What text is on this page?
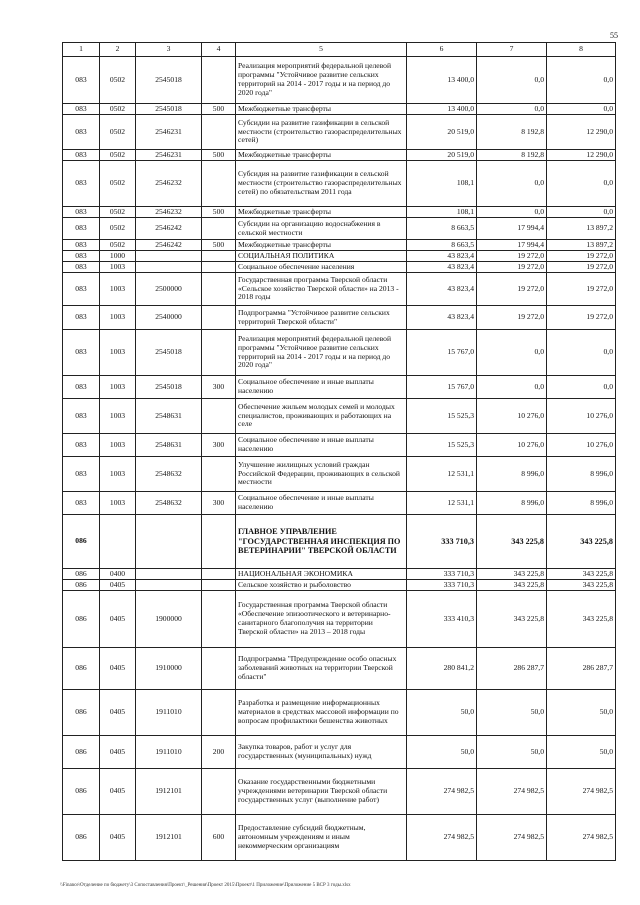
55
1	2	3	4	5	6	7	8
083	0502	2545018		Реализация мероприятий федеральной целевой программы "Устойчивое развитие сельских территорий на 2014 - 2017 годы и на период до 2020 года"	13 400,0	0,0	0,0
083	0502	2545018	500	Межбюджетные трансферты	13 400,0	0,0	0,0
083	0502	2546231		Субсидии на развитие газификации в сельской местности (строительство газораспределительных сетей)	20 519,0	8 192,8	12 290,0
083	0502	2546231	500	Межбюджетные трансферты	20 519,0	8 192,8	12 290,0
083	0502	2546232		Субсидия на развитие газификации в сельской местности (строительство газораспределительных сетей) по обязательствам 2011 года	108,1	0,0	0,0
083	0502	2546232	500	Межбюджетные трансферты	108,1	0,0	0,0
083	0502	2546242		Субсидии на организацию водоснабжения в сельской местности	8 663,5	17 994,4	13 897,2
083	0502	2546242	500	Межбюджетные трансферты	8 663,5	17 994,4	13 897,2
083	1000			СОЦИАЛЬНАЯ ПОЛИТИКА	43 823,4	19 272,0	19 272,0
083	1003			Социальное обеспечение населения	43 823,4	19 272,0	19 272,0
083	1003	2500000		Государственная программа Тверской области «Сельское хозяйство Тверской области» на 2013 - 2018 годы	43 823,4	19 272,0	19 272,0
083	1003	2540000		Подпрограмма "Устойчивое развитие сельских территорий Тверской области"	43 823,4	19 272,0	19 272,0
083	1003	2545018		Реализация мероприятий федеральной целевой программы "Устойчивое развитие сельских территорий на 2014 - 2017 годы и на период до 2020 года"	15 767,0	0,0	0,0
083	1003	2545018	300	Социальное обеспечение и иные выплаты населению	15 767,0	0,0	0,0
083	1003	2548631		Обеспечение жильем молодых семей и молодых специалистов, проживающих и работающих на селе	15 525,3	10 276,0	10 276,0
083	1003	2548631	300	Социальное обеспечение и иные выплаты населению	15 525,3	10 276,0	10 276,0
083	1003	2548632		Улучшение жилищных условий граждан Российской Федерации, проживающих в сельской местности	12 531,1	8 996,0	8 996,0
083	1003	2548632	300	Социальное обеспечение и иные выплаты населению	12 531,1	8 996,0	8 996,0
086				ГЛАВНОЕ УПРАВЛЕНИЕ "ГОСУДАРСТВЕННАЯ ИНСПЕКЦИЯ ПО ВЕТЕРИНАРИИ" ТВЕРСКОЙ ОБЛАСТИ	333 710,3	343 225,8	343 225,8
086	0400			НАЦИОНАЛЬНАЯ ЭКОНОМИКА	333 710,3	343 225,8	343 225,8
086	0405			Сельское хозяйство и рыболовство	333 710,3	343 225,8	343 225,8
086	0405	1900000		Государственная программа Тверской области «Обеспечение эпизоотического и ветеринарно-санитарного благополучия на территории Тверской области» на 2013 – 2018 годы	333 410,3	343 225,8	343 225,8
086	0405	1910000		Подпрограмма "Предупреждение особо опасных заболеваний животных на территории Тверской области"	280 841,2	286 287,7	286 287,7
086	0405	1911010		Разработка и размещение информационных материалов в средствах массовой информации по вопросам профилактики бешенства животных	50,0	50,0	50,0
086	0405	1911010	200	Закупка товаров, работ и услуг для государственных (муниципальных) нужд	50,0	50,0	50,0
086	0405	1912101		Оказание государственными бюджетными учреждениями ветеринарии Тверской области государственных услуг (выполнение работ)	274 982,5	274 982,5	274 982,5
086	0405	1912101	600	Предоставление субсидий бюджетным, автономным учреждениям и иным некоммерческим организациям	274 982,5	274 982,5	274 982,5
\\Finance\Отделение по бюджету\3 Сопоставления\Проект\_Решения\Проект 2015\Проект\1 Приложение\Приложение 5 ВСР 3 годы.xlsx
